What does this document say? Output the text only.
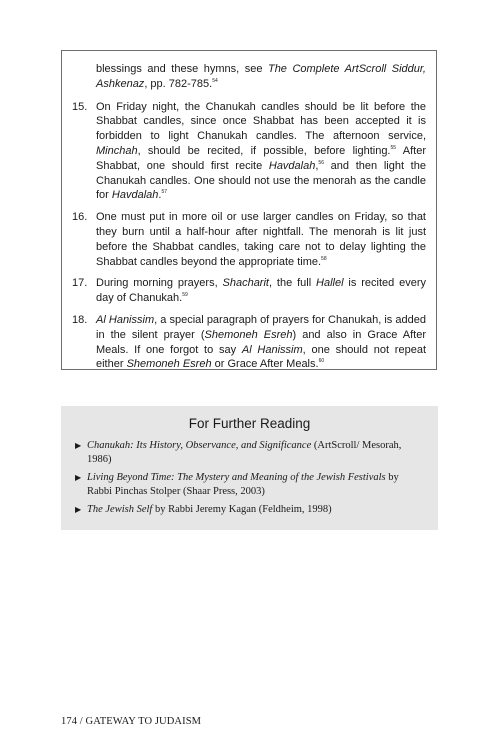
blessings and these hymns, see The Complete ArtScroll Siddur, Ashkenaz, pp. 782-785.54

15. On Friday night, the Chanukah candles should be lit before the Shabbat candles, since once Shabbat has been accepted it is forbidden to light Chanukah candles. The afternoon service, Minchah, should be recited, if possible, before lighting.$^{55}$ After Shabbat, one should first recite Havdalah,$^{56}$ and then light the Chanukah candles. One should not use the menorah as the candle for Havdalah.$^{57}$
16. One must put in more oil or use larger candles on Friday, so that they burn until a half-hour after nightfall. The menorah is lit just before the Shabbat candles, taking care not to delay lighting the Shabbat candles beyond the appropriate time.$^{58}$
17. During morning prayers, Shacharit, the full Hallel is recited every day of Chanukah.$^{59}$
18. Al Hanissim, a special paragraph of prayers for Chanukah, is added in the silent prayer (Shemoneh Esreh) and also in Grace After Meals. If one forgot to say Al Hanissim, one should not repeat either Shemoneh Esreh or Grace After Meals.$^{60}$
For Further Reading
▶ Chanukah: Its History, Observance, and Significance (ArtScroll/ Mesorah, 1986)
▶ Living Beyond Time: The Mystery and Meaning of the Jewish Festivals by Rabbi Pinchas Stolper (Shaar Press, 2003)
▶ The Jewish Self by Rabbi Jeremy Kagan (Feldheim, 1998)
174 / GATEWAY TO JUDAISM
